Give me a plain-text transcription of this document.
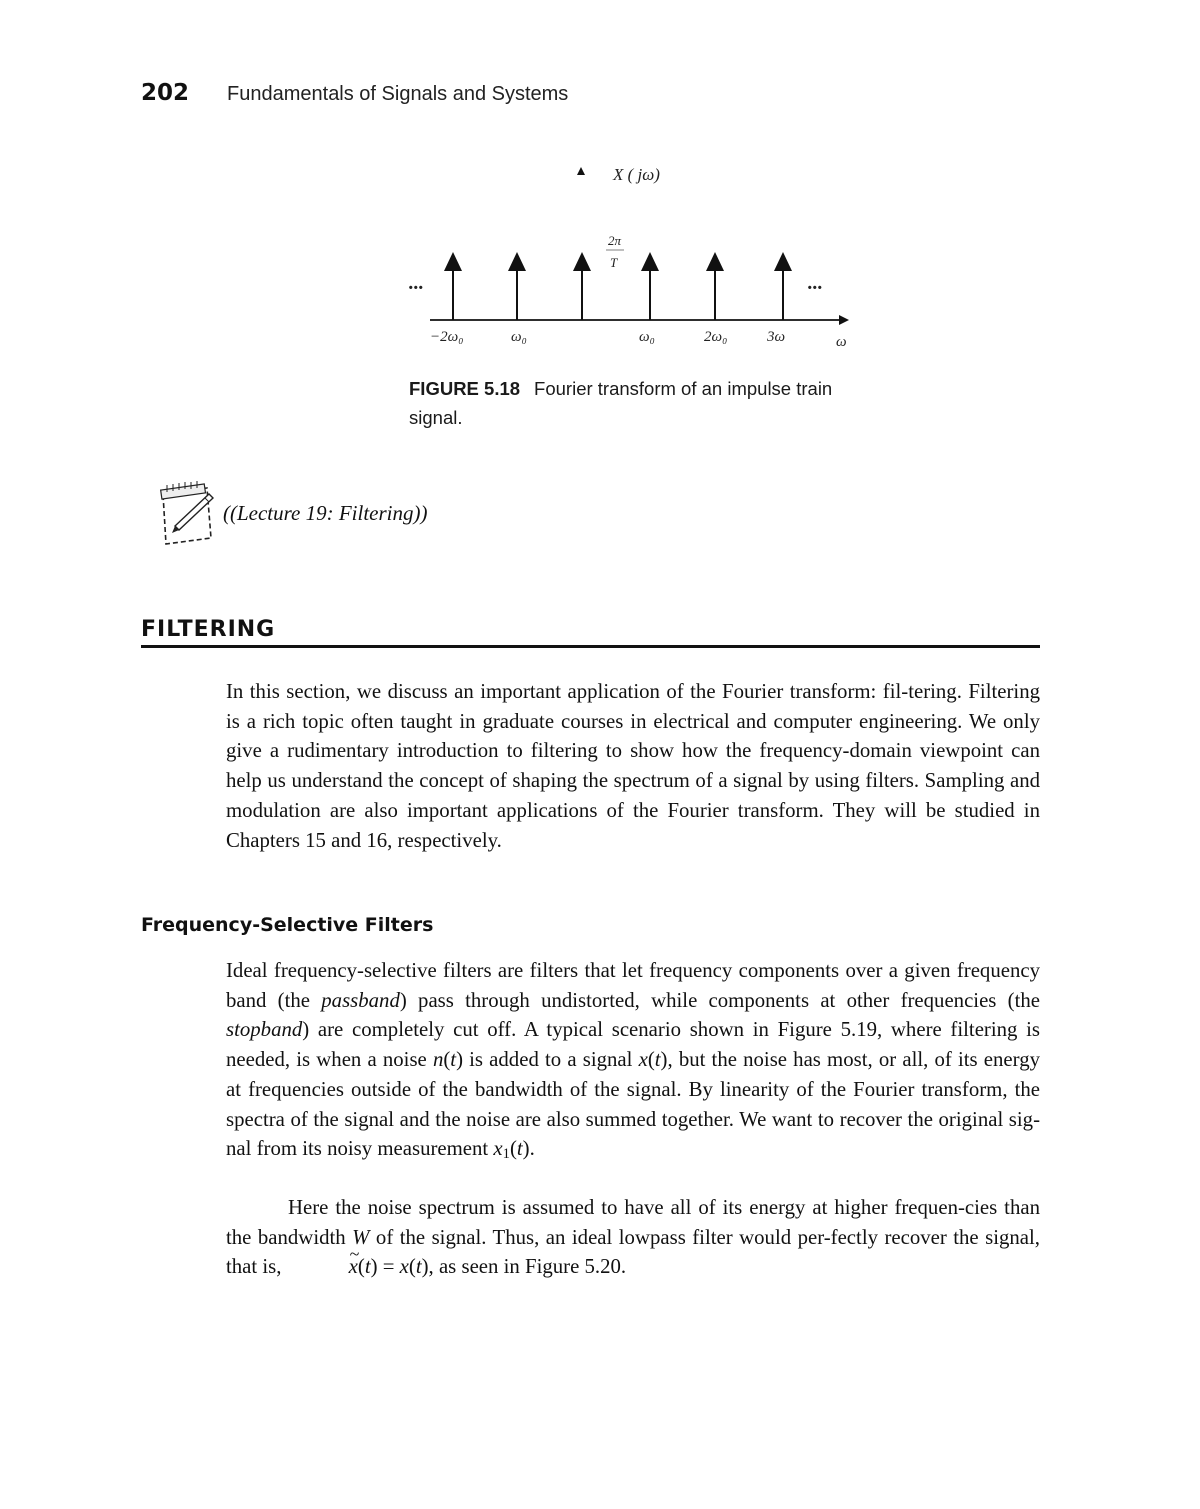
202 Fundamentals of Signals and Systems
X ( jω)
2π
T
...	...
−2ω₀	ω₀	ω₀	2ω₀	3ω	ω
FIGURE 5.18 Fourier transform of an impulse train signal.
((Lecture 19: Filtering))
FILTERING

In this section, we discuss an important application of the Fourier transform: fil-tering. Filtering is a rich topic often taught in graduate courses in electrical and computer engineering. We only give a rudimentary introduction to filtering to show how the frequency-domain viewpoint can help us understand the concept of shaping the spectrum of a signal by using filters. Sampling and modulation are also important applications of the Fourier transform. They will be studied in Chapters 15 and 16, respectively.

Frequency-Selective Filters

Ideal frequency-selective filters are filters that let frequency components over a given frequency band (the passband) pass through undistorted, while components at other frequencies (the stopband) are completely cut off. A typical scenario shown in Figure 5.19, where filtering is needed, is when a noise n(t) is added to a signal x(t), but the noise has most, or all, of its energy at frequencies outside of the bandwidth of the signal. By linearity of the Fourier transform, the spectra of the signal and the noise are also summed together. We want to recover the original sig-nal from its noisy measurement $x_1(t)$.

Here the noise spectrum is assumed to have all of its energy at higher frequen-cies than the bandwidth W of the signal. Thus, an ideal lowpass filter would per-fectly recover the signal, that is, ~	x(t) = x(t), as seen in Figure 5.20.
